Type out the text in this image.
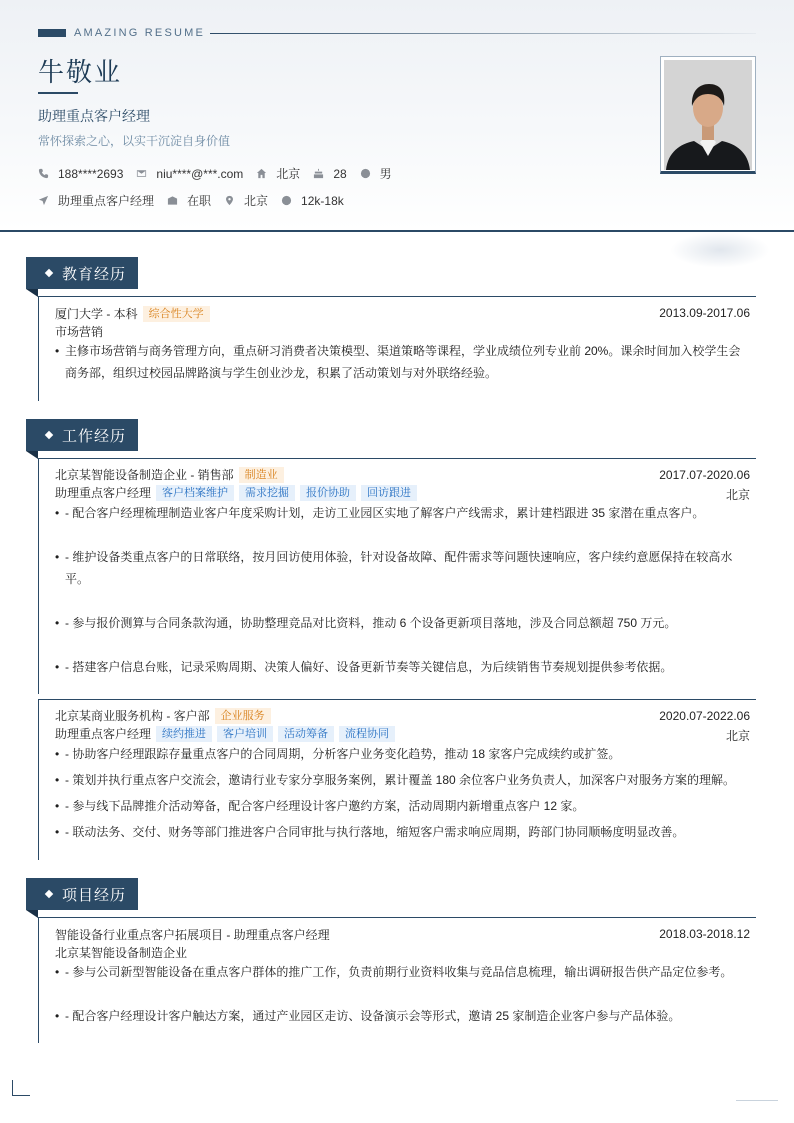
AMAZING RESUME
牛敬业
助理重点客户经理
常怀探索之心，以实干沉淀自身价值
188****2693	niu****@***.com	北京	28	男
助理重点客户经理	在职	北京	12k-18k
教育经历
厦门大学 - 本科	综合性大学	2013.09-2017.06
市场营销
• 主修市场营销与商务管理方向，重点研习消费者决策模型、渠道策略等课程，学业成绩位列专业前 20%。课余时间加入校学生会商务部，组织过校园品牌路演与学生创业沙龙，积累了活动策划与对外联络经验。
工作经历
北京某智能设备制造企业 - 销售部	制造业	2017.07-2020.06
助理重点客户经理	客户档案维护	需求挖掘	报价协助	回访跟进	北京
• - 配合客户经理梳理制造业客户年度采购计划，走访工业园区实地了解客户产线需求，累计建档跟进 35 家潜在重点客户。
• - 维护设备类重点客户的日常联络，按月回访使用体验，针对设备故障、配件需求等问题快速响应，客户续约意愿保持在较高水平。
• - 参与报价测算与合同条款沟通，协助整理竞品对比资料，推动 6 个设备更新项目落地，涉及合同总额超 750 万元。
• - 搭建客户信息台账，记录采购周期、决策人偏好、设备更新节奏等关键信息，为后续销售节奏规划提供参考依据。
北京某商业服务机构 - 客户部	企业服务	2020.07-2022.06
助理重点客户经理	续约推进	客户培训	活动筹备	流程协同	北京
• - 协助客户经理跟踪存量重点客户的合同周期，分析客户业务变化趋势，推动 18 家客户完成续约或扩签。
• - 策划并执行重点客户交流会，邀请行业专家分享服务案例，累计覆盖 180 余位客户业务负责人，加深客户对服务方案的理解。
• - 参与线下品牌推介活动筹备，配合客户经理设计客户邀约方案，活动周期内新增重点客户 12 家。
• - 联动法务、交付、财务等部门推进客户合同审批与执行落地，缩短客户需求响应周期，跨部门协同顺畅度明显改善。
项目经历
智能设备行业重点客户拓展项目 - 助理重点客户经理	2018.03-2018.12
北京某智能设备制造企业
• - 参与公司新型智能设备在重点客户群体的推广工作，负责前期行业资料收集与竞品信息梳理，输出调研报告供产品定位参考。
• - 配合客户经理设计客户触达方案，通过产业园区走访、设备演示会等形式，邀请 25 家制造企业客户参与产品体验。
